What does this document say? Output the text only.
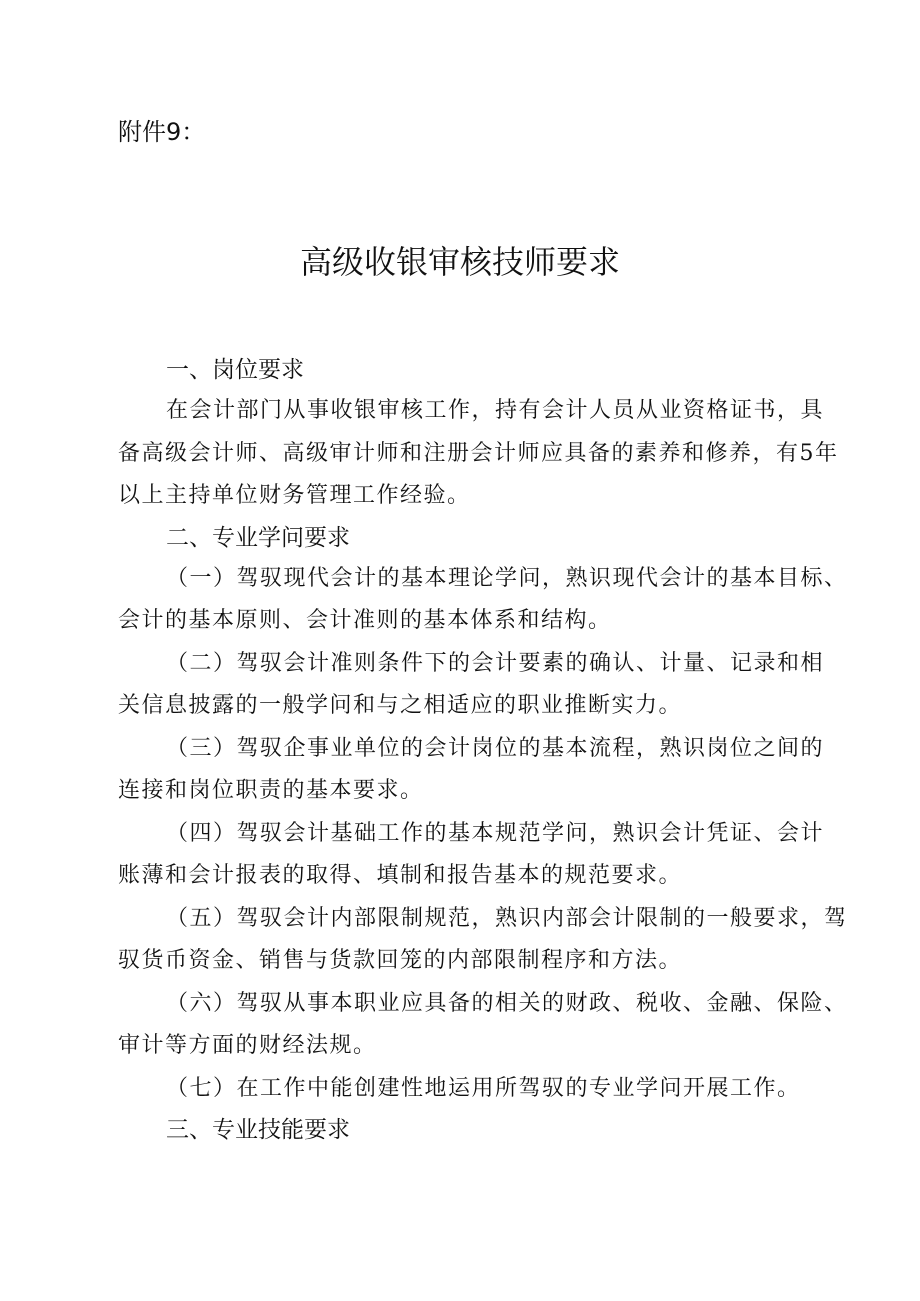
附件9：
高级收银审核技师要求
一、岗位要求

在会计部门从事收银审核工作，持有会计人员从业资格证书，具
备高级会计师、高级审计师和注册会计师应具备的素养和修养，有5年
以上主持单位财务管理工作经验。

二、专业学问要求

（一）驾驭现代会计的基本理论学问，熟识现代会计的基本目标、
会计的基本原则、会计准则的基本体系和结构。

（二）驾驭会计准则条件下的会计要素的确认、计量、记录和相
关信息披露的一般学问和与之相适应的职业推断实力。

（三）驾驭企事业单位的会计岗位的基本流程，熟识岗位之间的
连接和岗位职责的基本要求。

（四）驾驭会计基础工作的基本规范学问，熟识会计凭证、会计
账薄和会计报表的取得、填制和报告基本的规范要求。

（五）驾驭会计内部限制规范，熟识内部会计限制的一般要求，驾
驭货币资金、销售与货款回笼的内部限制程序和方法。

（六）驾驭从事本职业应具备的相关的财政、税收、金融、保险、
审计等方面的财经法规。

（七）在工作中能创建性地运用所驾驭的专业学问开展工作。

三、专业技能要求
